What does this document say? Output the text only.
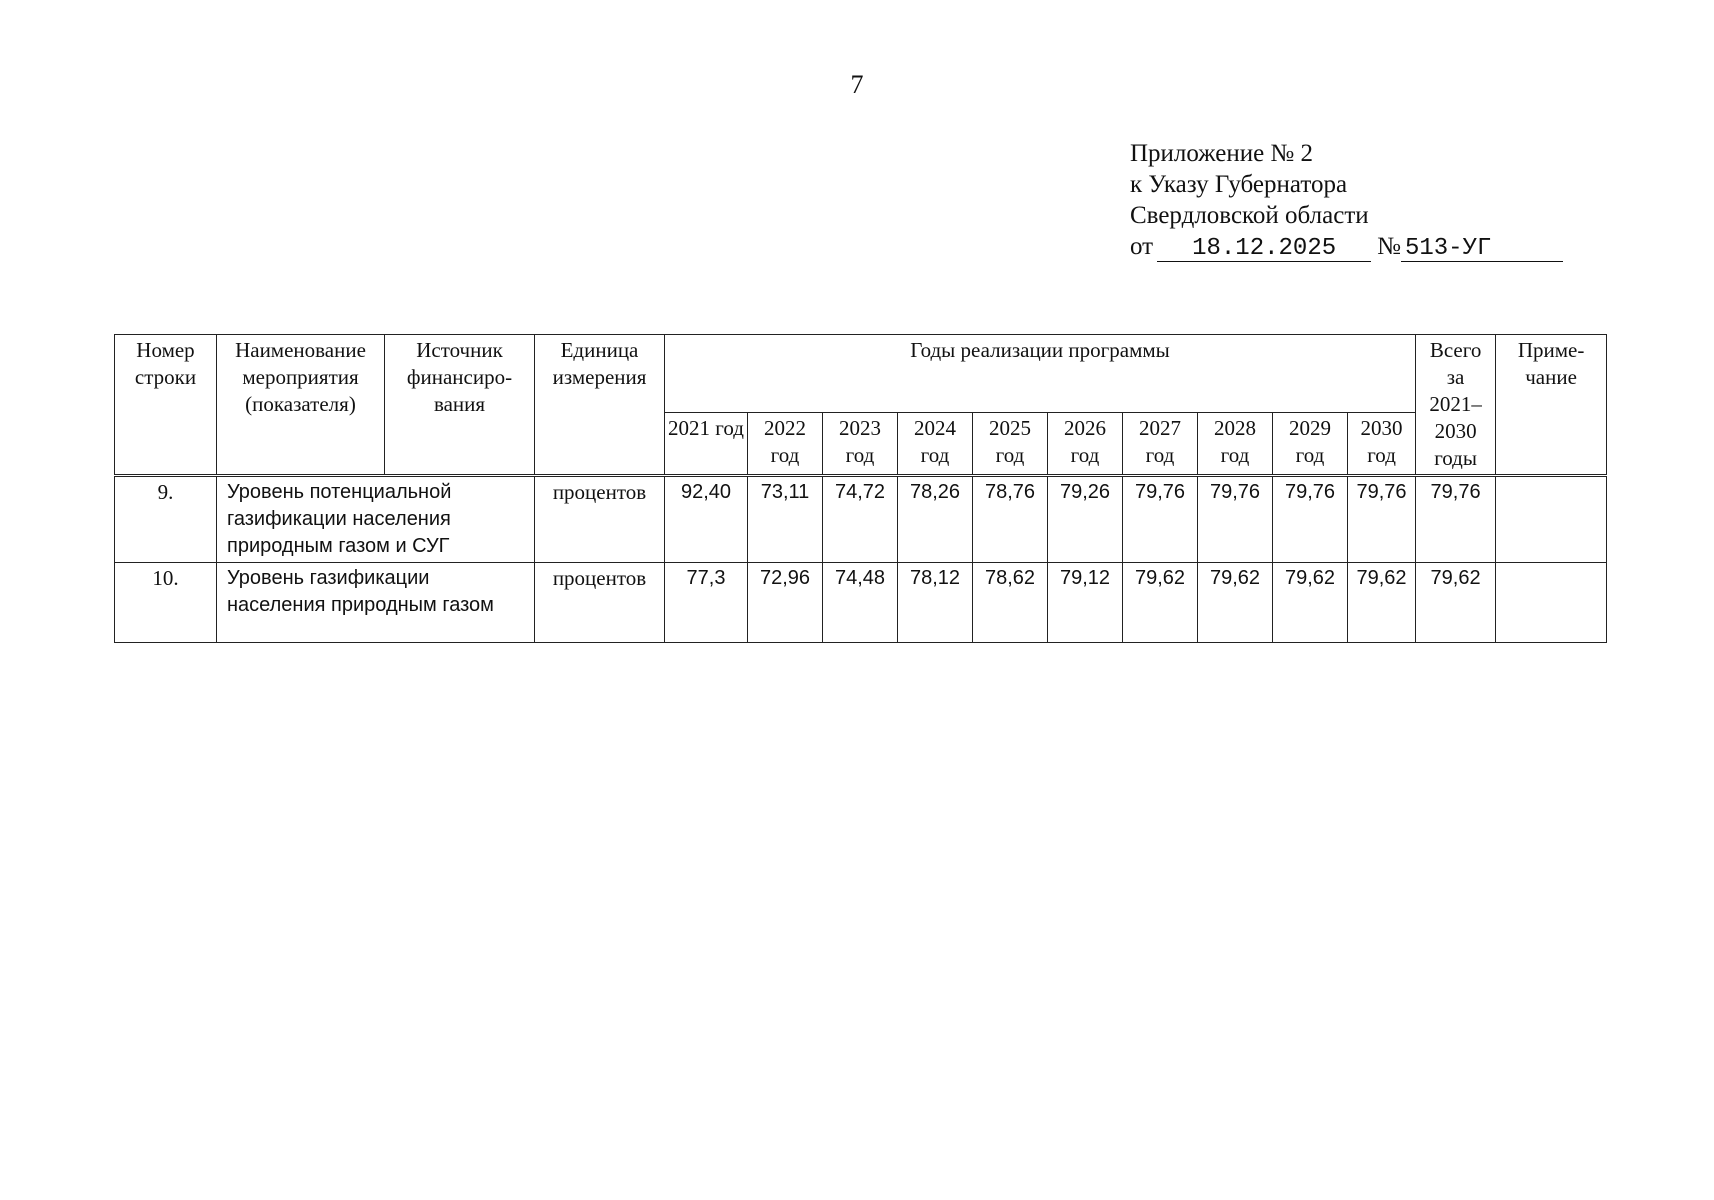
7
Приложение № 2
к Указу Губернатора
Свердловской области
от 18.12.2025 № 513-УГ
Номер строки	Наименование мероприятия (показателя)	Источник финансиро-вания	Единица измерения	Годы реализации программы										Всего за 2021–2030 годы	Приме-чание
				2021 год	2022 год	2023 год	2024 год	2025 год	2026 год	2027 год	2028 год	2029 год	2030 год		
9.	Уровень потенциальной газификации населения природным газом и СУГ		процентов	92,40	73,11	74,72	78,26	78,76	79,26	79,76	79,76	79,76	79,76	79,76	
10.	Уровень газификации населения природным газом		процентов	77,3	72,96	74,48	78,12	78,62	79,12	79,62	79,62	79,62	79,62	79,62	
